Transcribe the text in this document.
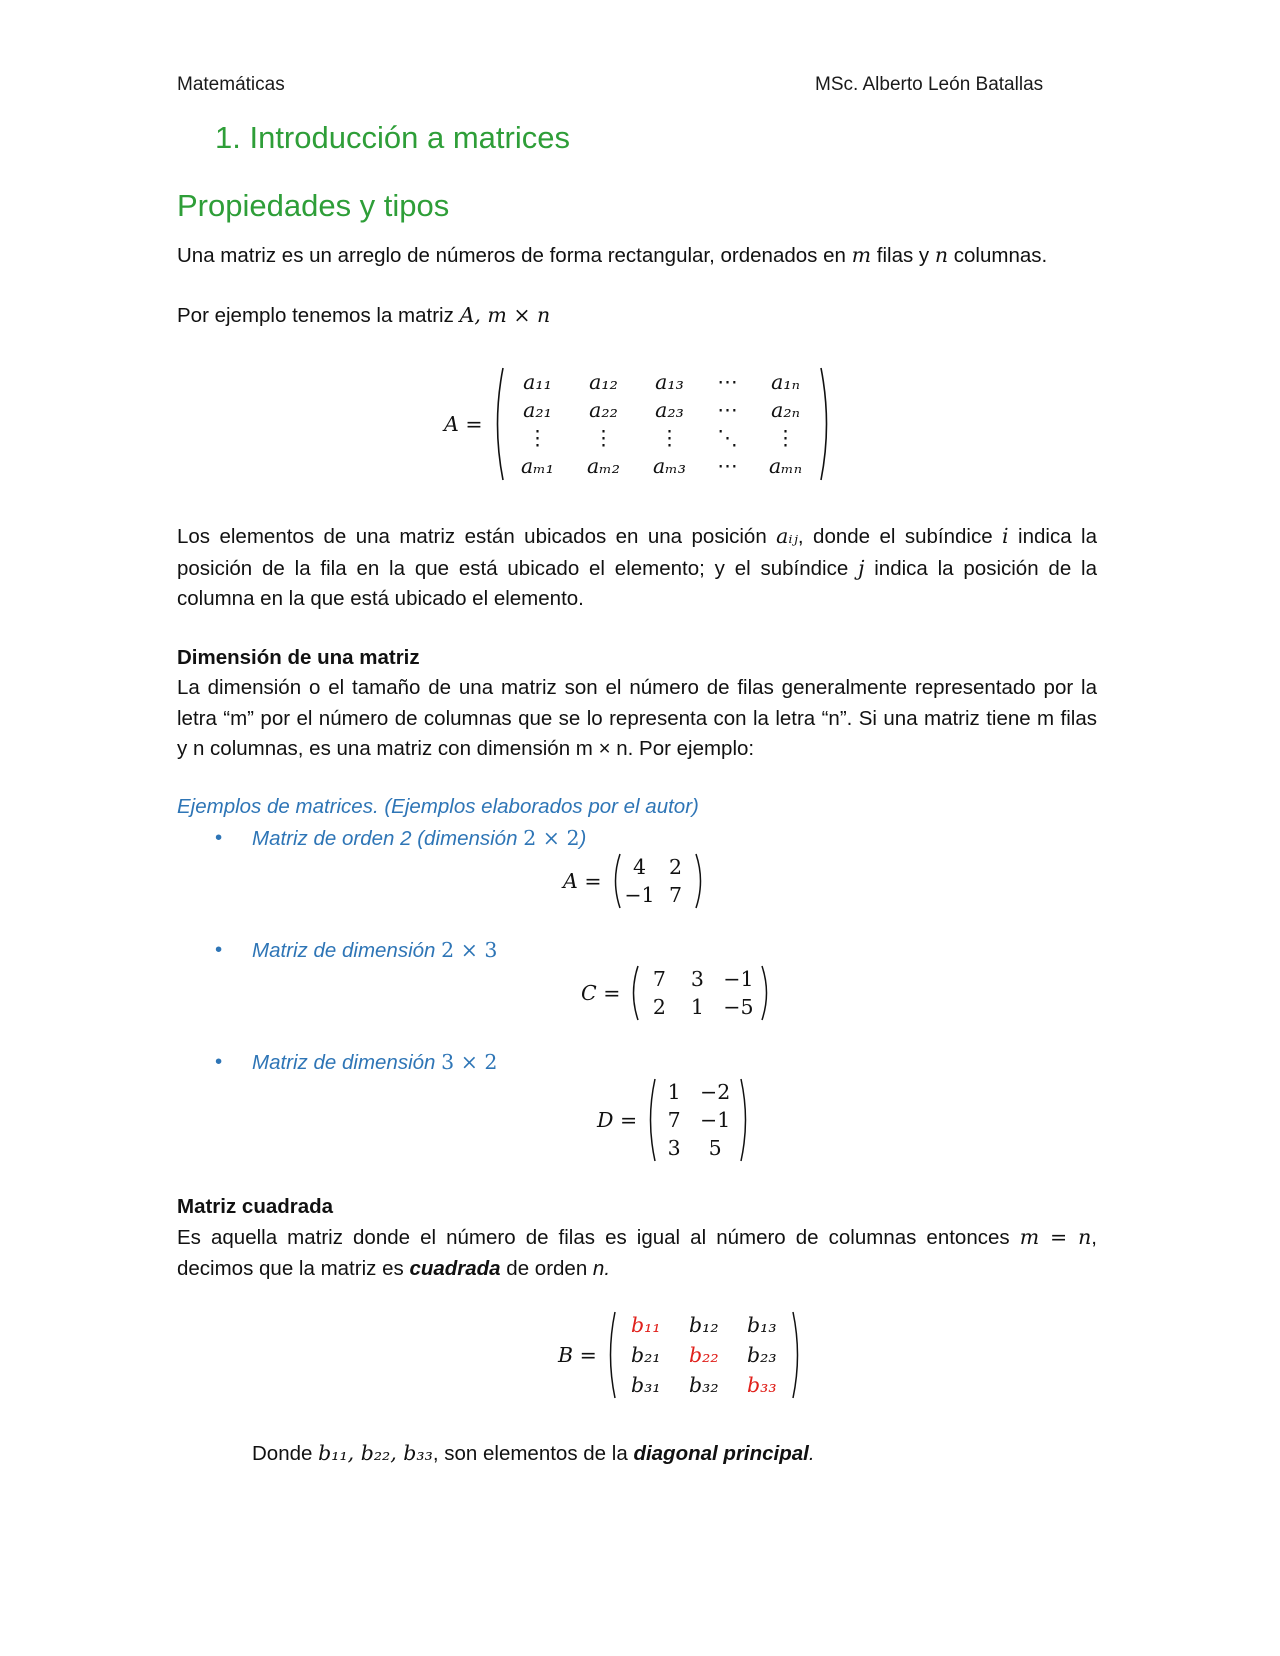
Matemáticas	MSc. Alberto León Batallas
1. Introducción a matrices
Propiedades y tipos
Una matriz es un arreglo de números de forma rectangular, ordenados en m filas y n columnas.
Por ejemplo tenemos la matriz A, m × n
A =
a₁₁	a₁₂	a₁₃	⋯	a₁ₙ
a₂₁	a₂₂	a₂₃	⋯	a₂ₙ
⋮	⋮	⋮	⋱	⋮
aₘ₁	aₘ₂	aₘ₃	⋯	aₘₙ
Los elementos de una matriz están ubicados en una posición aᵢⱼ, donde el subíndice i indica la posición de la fila en la que está ubicado el elemento; y el subíndice j indica la posición de la columna en la que está ubicado el elemento.
Dimensión de una matriz
La dimensión o el tamaño de una matriz son el número de filas generalmente representado por la letra “m” por el número de columnas que se lo representa con la letra “n”. Si una matriz tiene m filas y n columnas, es una matriz con dimensión m × n. Por ejemplo:
Ejemplos de matrices. (Ejemplos elaborados por el autor)
• Matriz de orden 2 (dimensión 2 × 2)
A =
4	2
−1 7
• Matriz de dimensión 2 × 3
C =
7	3 −1
2	1 −5
• Matriz de dimensión 3 × 2
D =
1 −2
7 −1
3	5
Matriz cuadrada
Es aquella matriz donde el número de filas es igual al número de columnas entonces m = n, decimos que la matriz es cuadrada de orden n.
B =
b₁₁	b₁₂	b₁₃
b₂₁	b₂₂	b₂₃
b₃₁	b₃₂	b₃₃
Donde b₁₁, b₂₂, b₃₃, son elementos de la diagonal principal.
